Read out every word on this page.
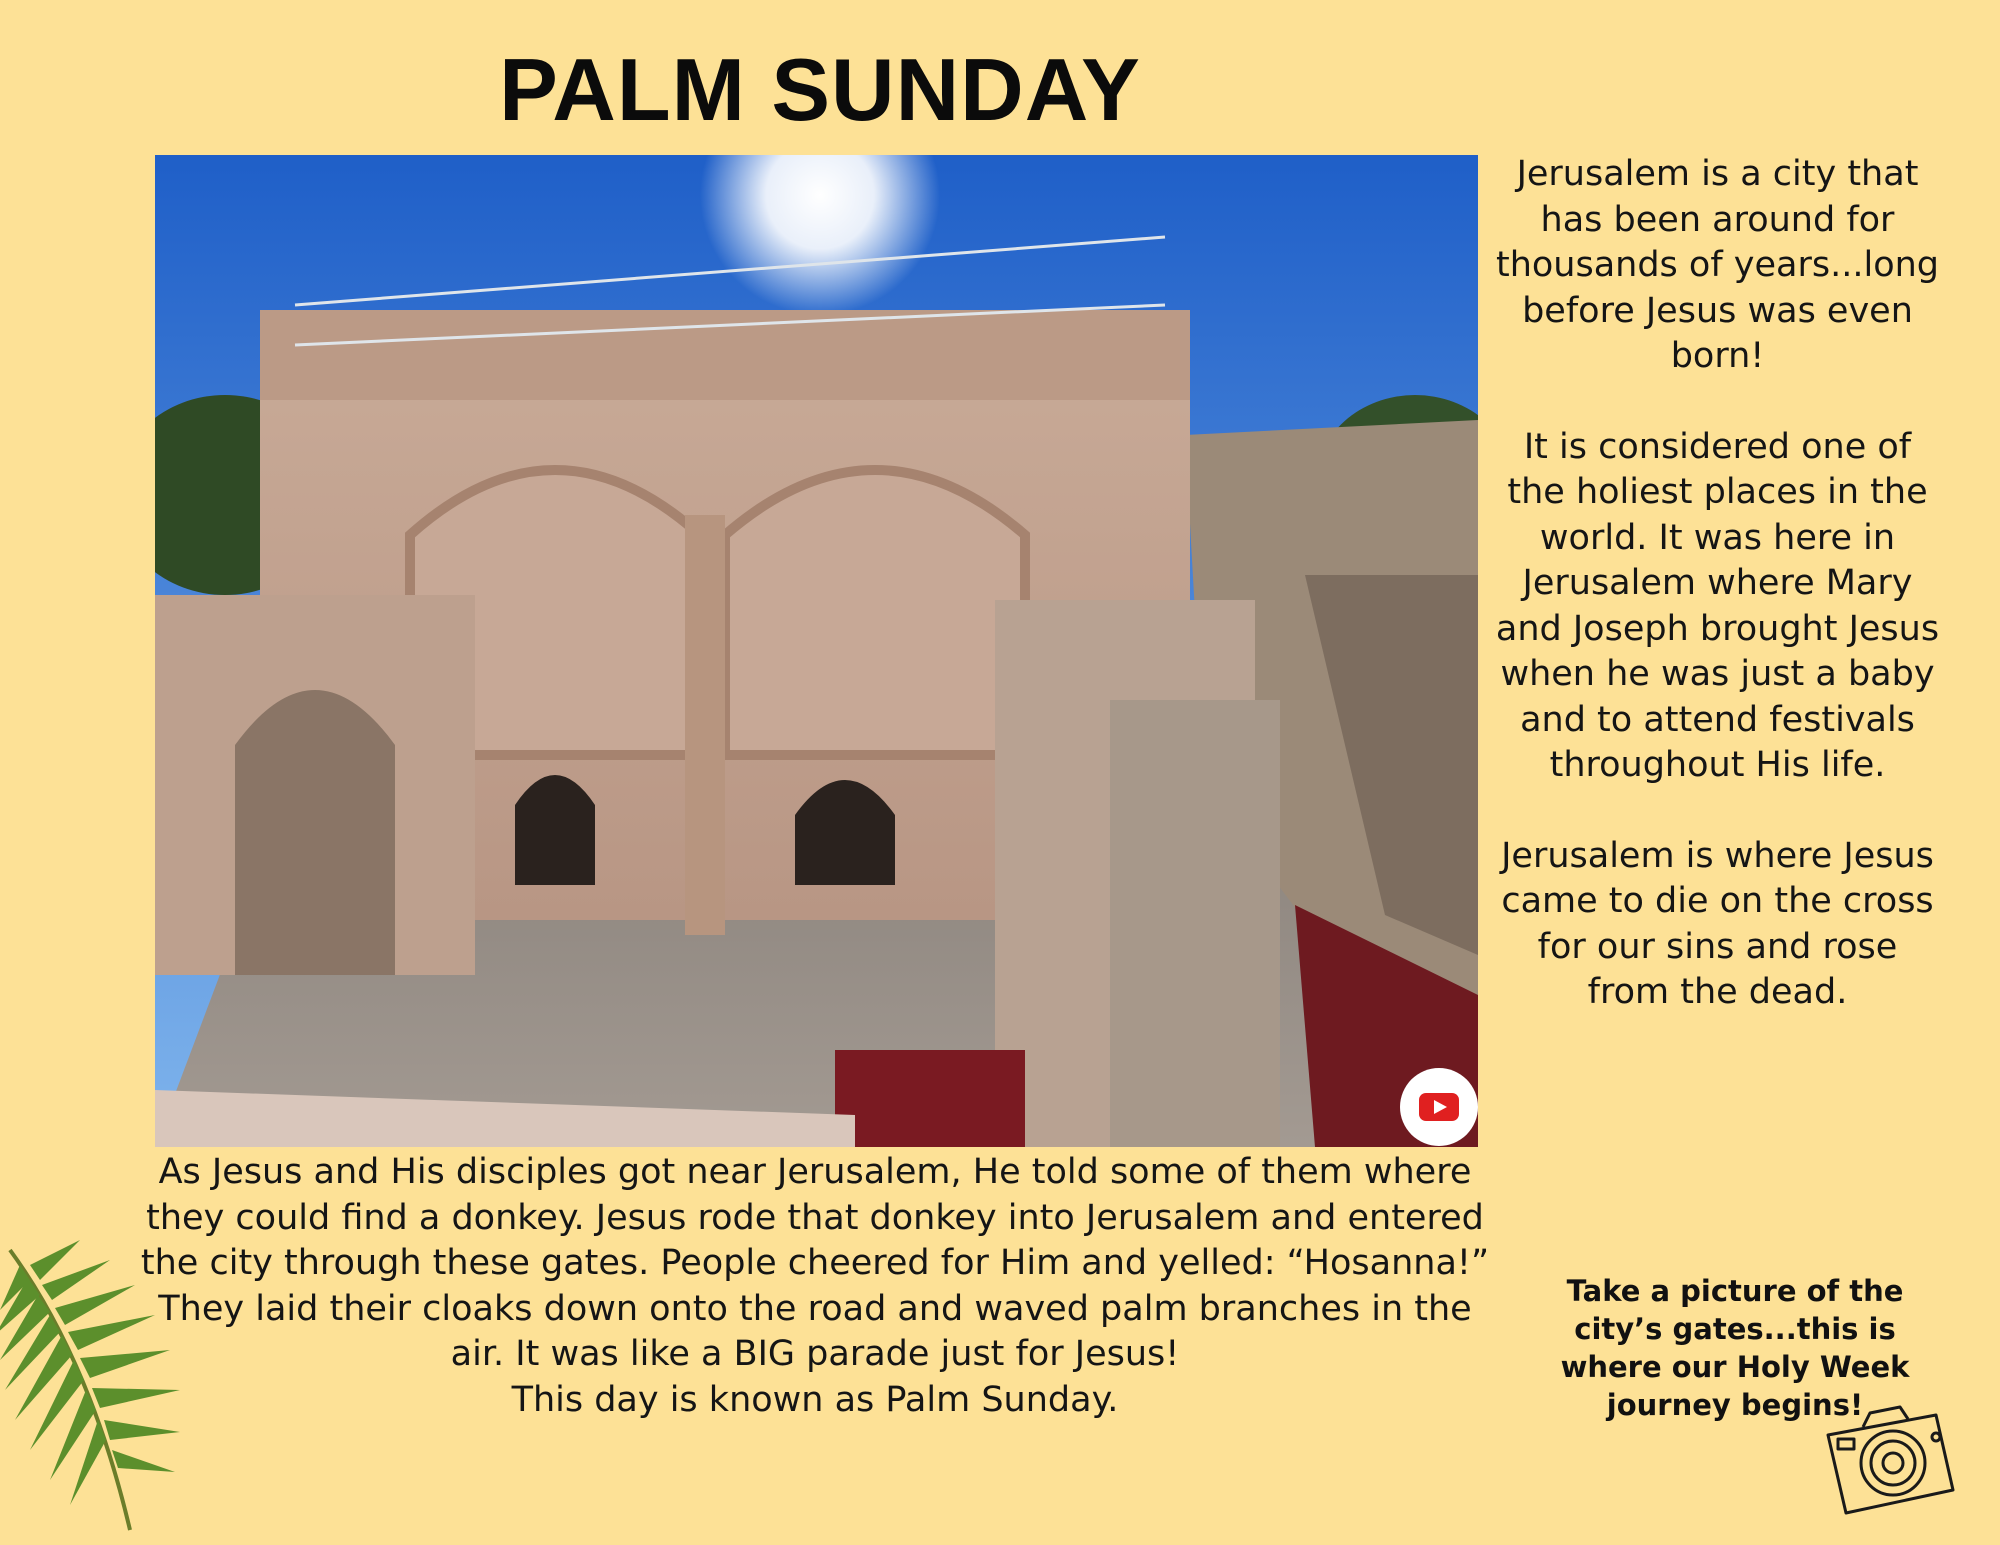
PALM SUNDAY

Jerusalem is a city that has been around for thousands of years...long before Jesus was even born!

It is considered one of the holiest places in the world. It was here in Jerusalem where Mary and Joseph brought Jesus when he was just a baby and to attend festivals throughout His life.

Jerusalem is where Jesus came to die on the cross for our sins and rose from the dead.

As Jesus and His disciples got near Jerusalem, He told some of them where they could find a donkey. Jesus rode that donkey into Jerusalem and entered the city through these gates. People cheered for Him and yelled: “Hosanna!”

They laid their cloaks down onto the road and waved palm branches in the air. It was like a BIG parade just for Jesus!

This day is known as Palm Sunday.

Take a picture of the city’s gates...this is where our Holy Week journey begins!
